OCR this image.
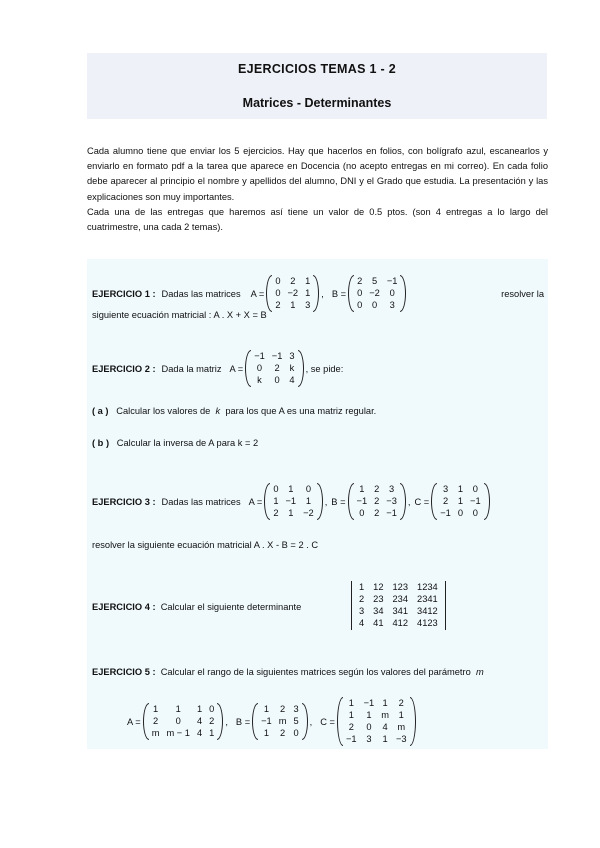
EJERCICIOS TEMAS 1 - 2
Matrices - Determinantes

Cada alumno tiene que enviar los 5 ejercicios. Hay que hacerlos en folios, con bolígrafo azul, escanearlos y enviarlo en formato pdf a la tarea que aparece en Docencia (no acepto entregas en mi correo). En cada folio debe aparecer al principio el nombre y apellidos del alumno, DNI y el Grado que estudia. La presentación y las explicaciones son muy importantes.

Cada una de las entregas que haremos así tiene un valor de 0.5 ptos. (son 4 entregas a lo largo del cuatrimestre, una cada 2 temas).

EJERCICIO 1 : Dadas las matrices A =
0 2 1
0 −2 1
2 1 3
, B =
2 5 −1
0 −2 0
0 0 3
resolver la
siguiente ecuación matricial : A . X + X = B
EJERCICIO 2 : Dada la matriz A =
−1 −1 3
0 2 k
k	0 4
, se pide:
( a ) Calcular los valores de k para los que A es una matriz regular.
( b ) Calcular la inversa de A para k = 2
EJERCICIO 3 : Dadas las matrices A =
0 1 0
1 −1 1
2 1 −2
, B =
1 2 3
−1 2 −3
0 2 −1
, C =
3 1 0
2 1 −1
−1 0 0
resolver la siguiente ecuación matricial A . X - B = 2 . C
EJERCICIO 4 : Calcular el siguiente determinante
1 12 123 1234
2 23 234 2341
3 34 341 3412
4 41 412 4123
EJERCICIO 5 : Calcular el rango de la siguientes matrices según los valores del parámetro m
A =
1	1	1 0
2	0	4 2
m m − 1 4 1
, B =
1 2 3
−1 m 5
1 2 0
, C =
1 −1 1 2
1 1 m 1
2 0 4 m
−1 3 1 −3
